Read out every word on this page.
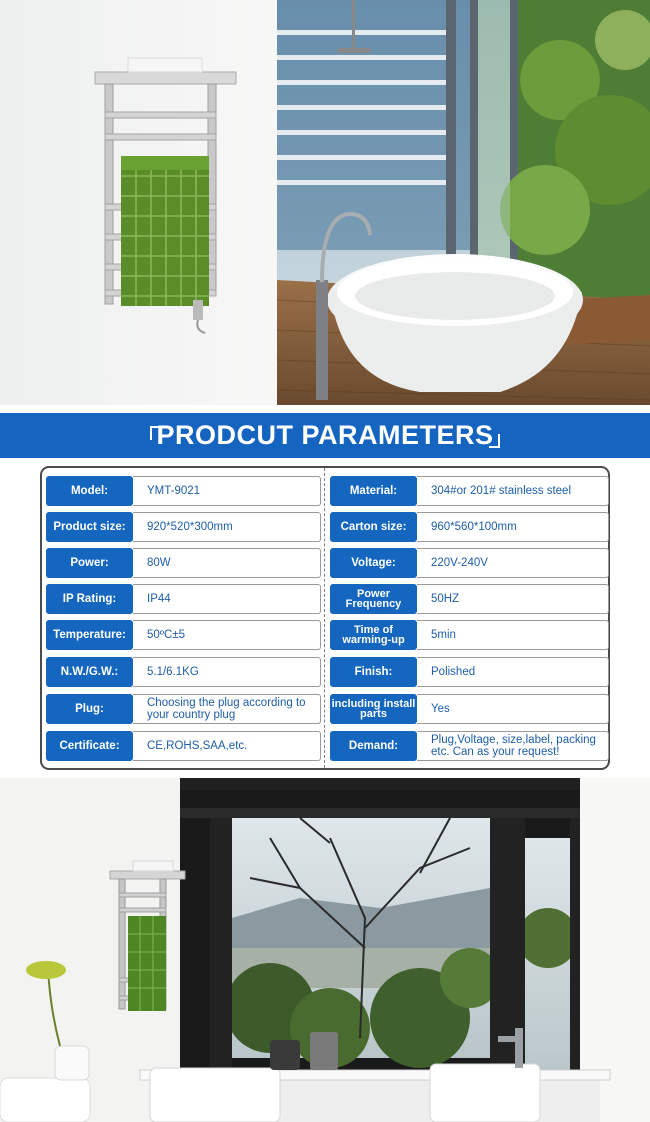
PRODCUT PARAMETERS
Model:	YMT-9021
Product size:	920*520*300mm
Power:	80W
IP Rating:	IP44
Temperature:	50ºC±5
N.W./G.W.:	5.1/6.1KG
Plug:	Choosing the plug according to your country plug
Certificate:	CE,ROHS,SAA,etc.
Material:	304#or 201# stainless steel
Carton size:	960*560*100mm
Voltage:	220V-240V
Power Frequency	50HZ
Time of warming-up	5min
Finish:	Polished
including install parts	Yes
Demand:	Plug,Voltage, size,label, packing etc. Can as your request!
